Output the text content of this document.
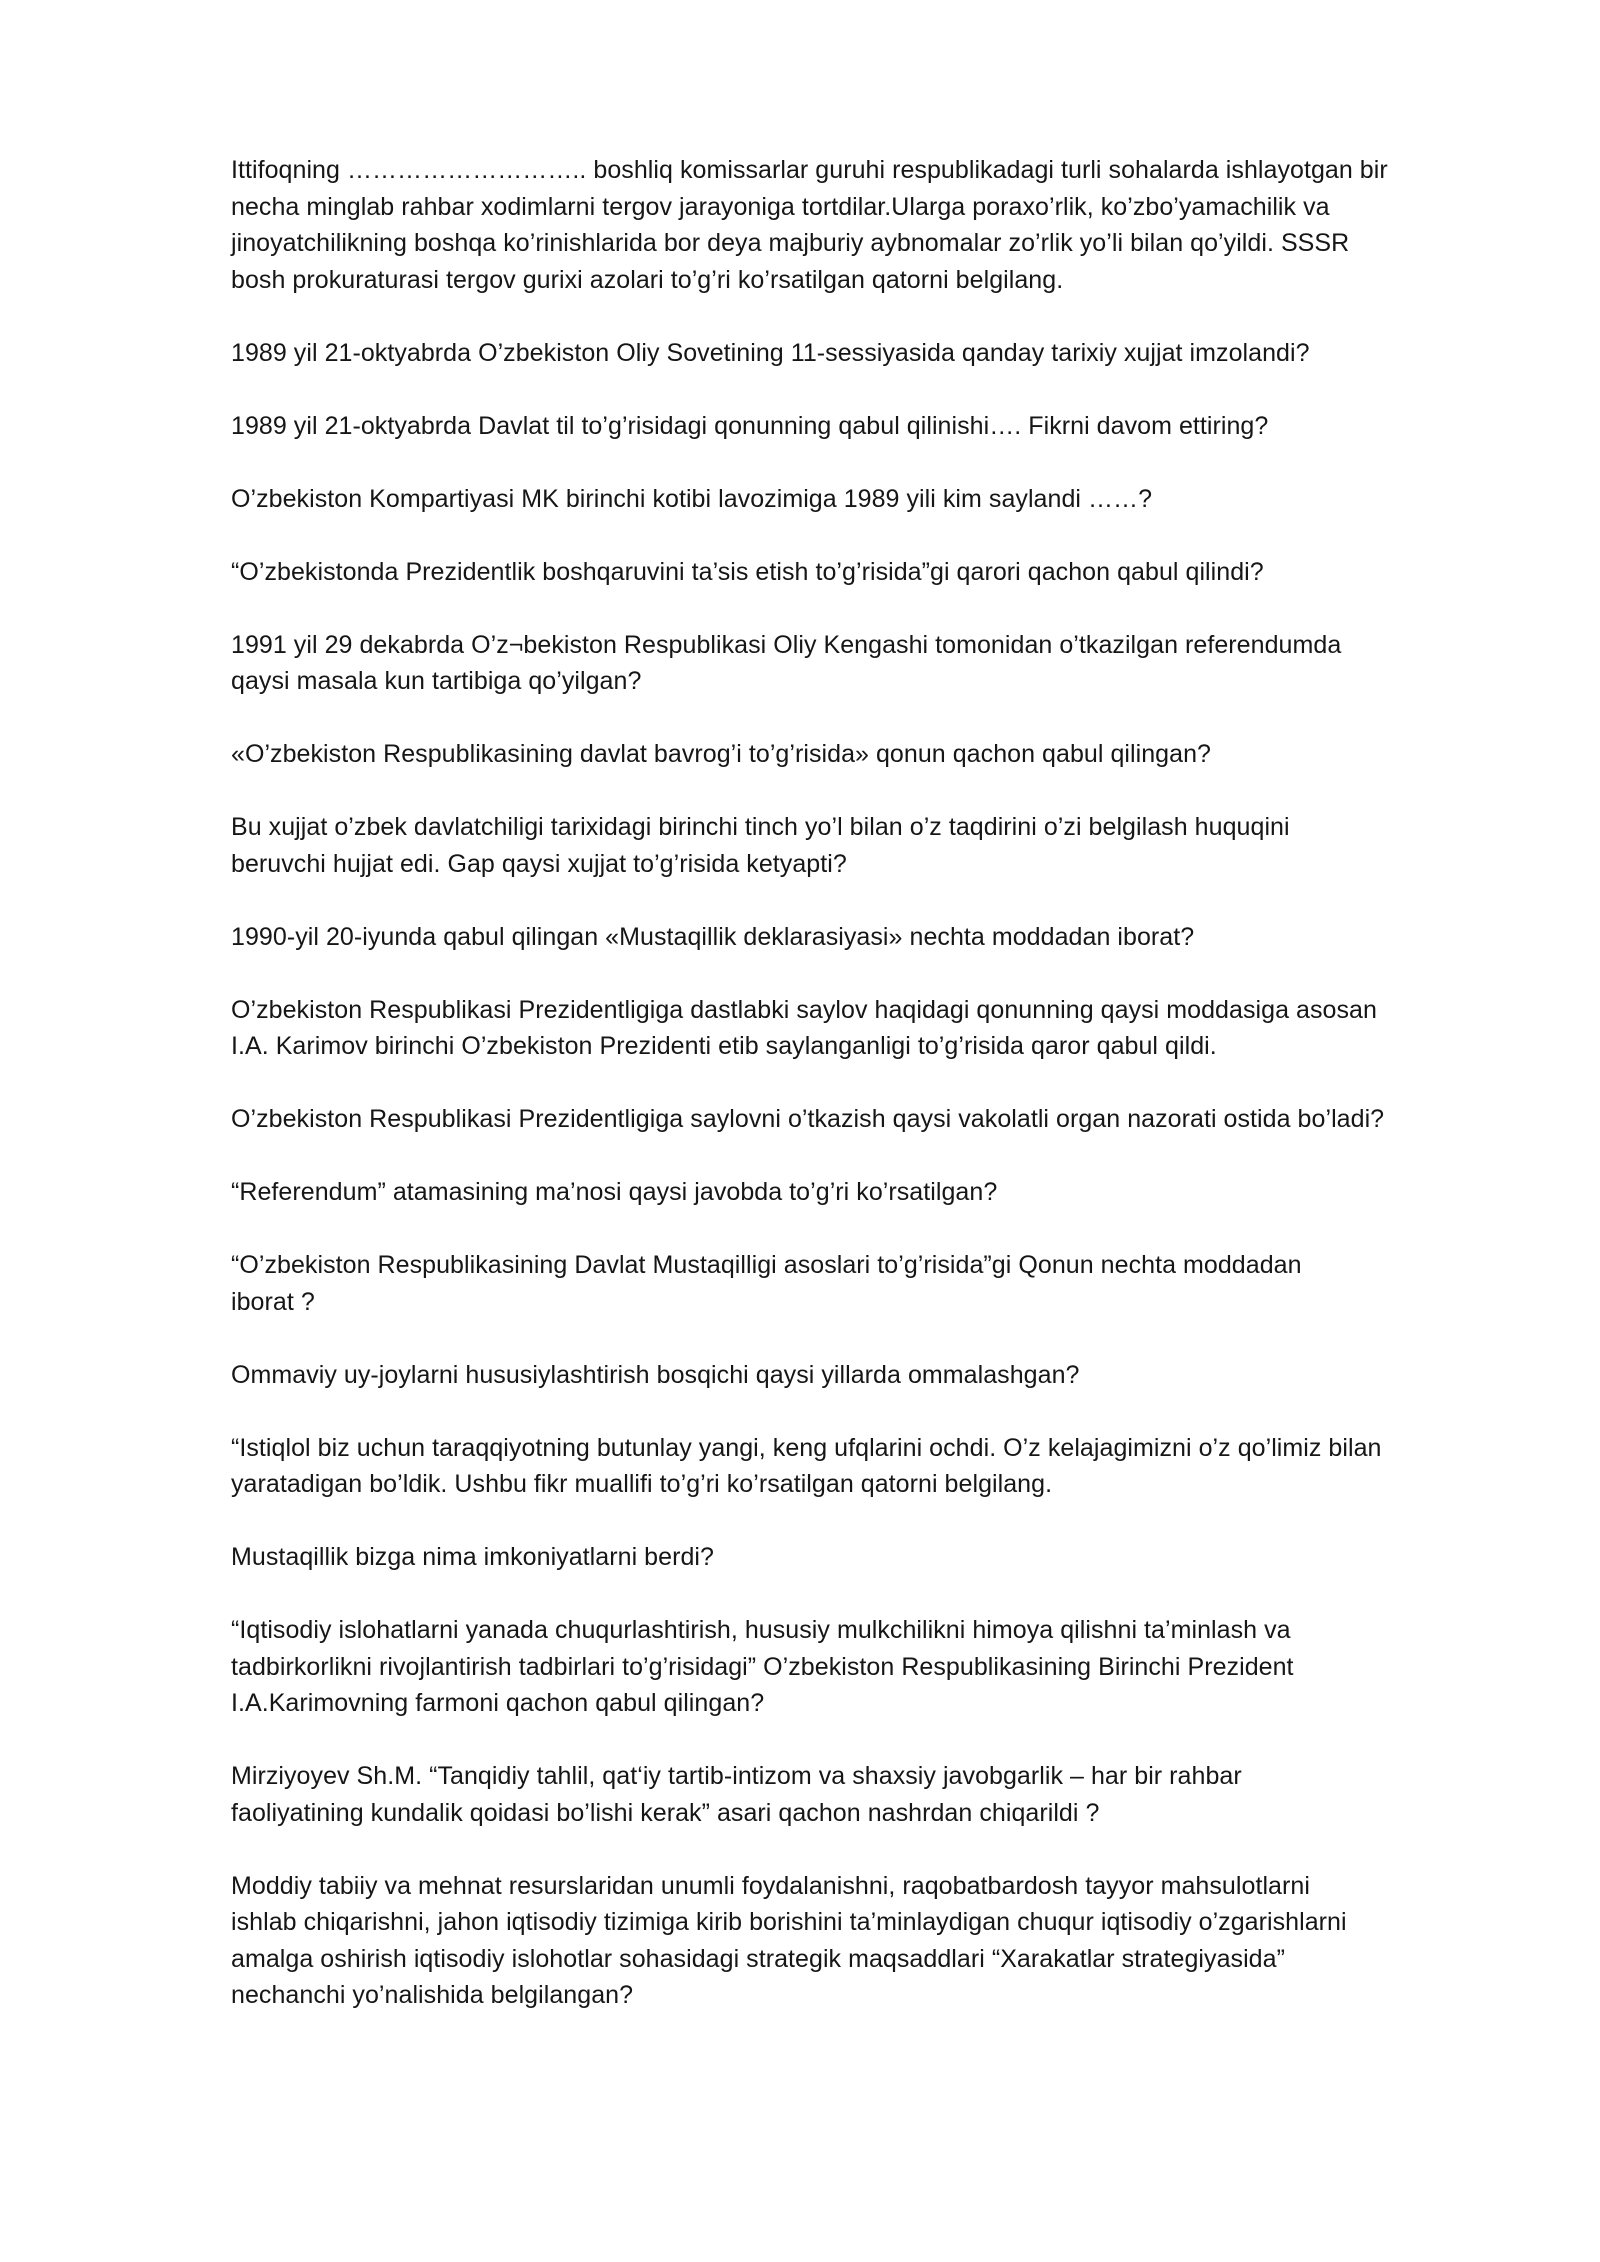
Ittifoqning ……………………….. boshliq komissarlar guruhi respublikadagi turli sohalarda ishlayotgan bir
necha minglab rahbar xodimlarni tergov jarayoniga tortdilar.Ularga poraxo’rlik, ko’zbo’yamachilik va
jinoyatchilikning boshqa ko’rinishlarida bor deya majburiy aybnomalar zo’rlik yo’li bilan qo’yildi. SSSR
bosh prokuraturasi tergov gurixi azolari to’g’ri ko’rsatilgan qatorni belgilang.

1989 yil 21-oktyabrda O’zbekiston Oliy Sovetining 11-sessiyasida qanday tarixiy xujjat imzolandi?

1989 yil 21-oktyabrda Davlat til to’g’risidagi qonunning qabul qilinishi…. Fikrni davom ettiring?

O’zbekiston Kompartiyasi MK birinchi kotibi lavozimiga 1989 yili kim saylandi ……?

“O’zbekistonda Prezidentlik boshqaruvini ta’sis etish to’g’risida”gi qarori qachon qabul qilindi?

1991 yil 29 dekabrda O’z¬bekiston Respublikasi Oliy Kengashi tomonidan o’tkazilgan referendumda
qaysi masala kun tartibiga qo’yilgan?

«O’zbekiston Respublikasining davlat bavrog’i to’g’risida» qonun qachon qabul qilingan?

Bu xujjat o’zbek davlatchiligi tarixidagi birinchi tinch yo’l bilan o’z taqdirini o’zi belgilash huquqini
beruvchi hujjat edi. Gap qaysi xujjat to’g’risida ketyapti?

1990-yil 20-iyunda qabul qilingan «Mustaqillik deklarasiyasi» nechta moddadan iborat?

O’zbekiston Respublikasi Prezidentligiga dastlabki saylov haqidagi qonunning qaysi moddasiga asosan
I.A. Karimov birinchi O’zbekiston Prezidenti etib saylanganligi to’g’risida qaror qabul qildi.

O’zbekiston Respublikasi Prezidentligiga saylovni o’tkazish qaysi vakolatli organ nazorati ostida bo’ladi?

“Referendum” atamasining ma’nosi qaysi javobda to’g’ri ko’rsatilgan?

“O’zbekiston Respublikasining Davlat Mustaqilligi asoslari to’g’risida”gi Qonun nechta moddadan
iborat ?

Ommaviy uy-joylarni hususiylashtirish bosqichi qaysi yillarda ommalashgan?

“Istiqlol biz uchun taraqqiyotning butunlay yangi, keng ufqlarini ochdi. O’z kelajagimizni o’z qo’limiz bilan
yaratadigan bo’ldik. Ushbu fikr muallifi to’g’ri ko’rsatilgan qatorni belgilang.

Mustaqillik bizga nima imkoniyatlarni berdi?

“Iqtisodiy islohatlarni yanada chuqurlashtirish, hususiy mulkchilikni himoya qilishni ta’minlash va
tadbirkorlikni rivojlantirish tadbirlari to’g’risidagi” O’zbekiston Respublikasining Birinchi Prezident
I.A.Karimovning farmoni qachon qabul qilingan?

Mirziyoyev Sh.M. “Tanqidiy tahlil, qat‘iy tartib-intizom va shaxsiy javobgarlik – har bir rahbar
faoliyatining kundalik qoidasi bo’lishi kerak” asari qachon nashrdan chiqarildi ?

Moddiy tabiiy va mehnat resurslaridan unumli foydalanishni, raqobatbardosh tayyor mahsulotlarni
ishlab chiqarishni, jahon iqtisodiy tizimiga kirib borishini ta’minlaydigan chuqur iqtisodiy o’zgarishlarni
amalga oshirish iqtisodiy islohotlar sohasidagi strategik maqsaddlari “Xarakatlar strategiyasida”
nechanchi yo’nalishida belgilangan?
